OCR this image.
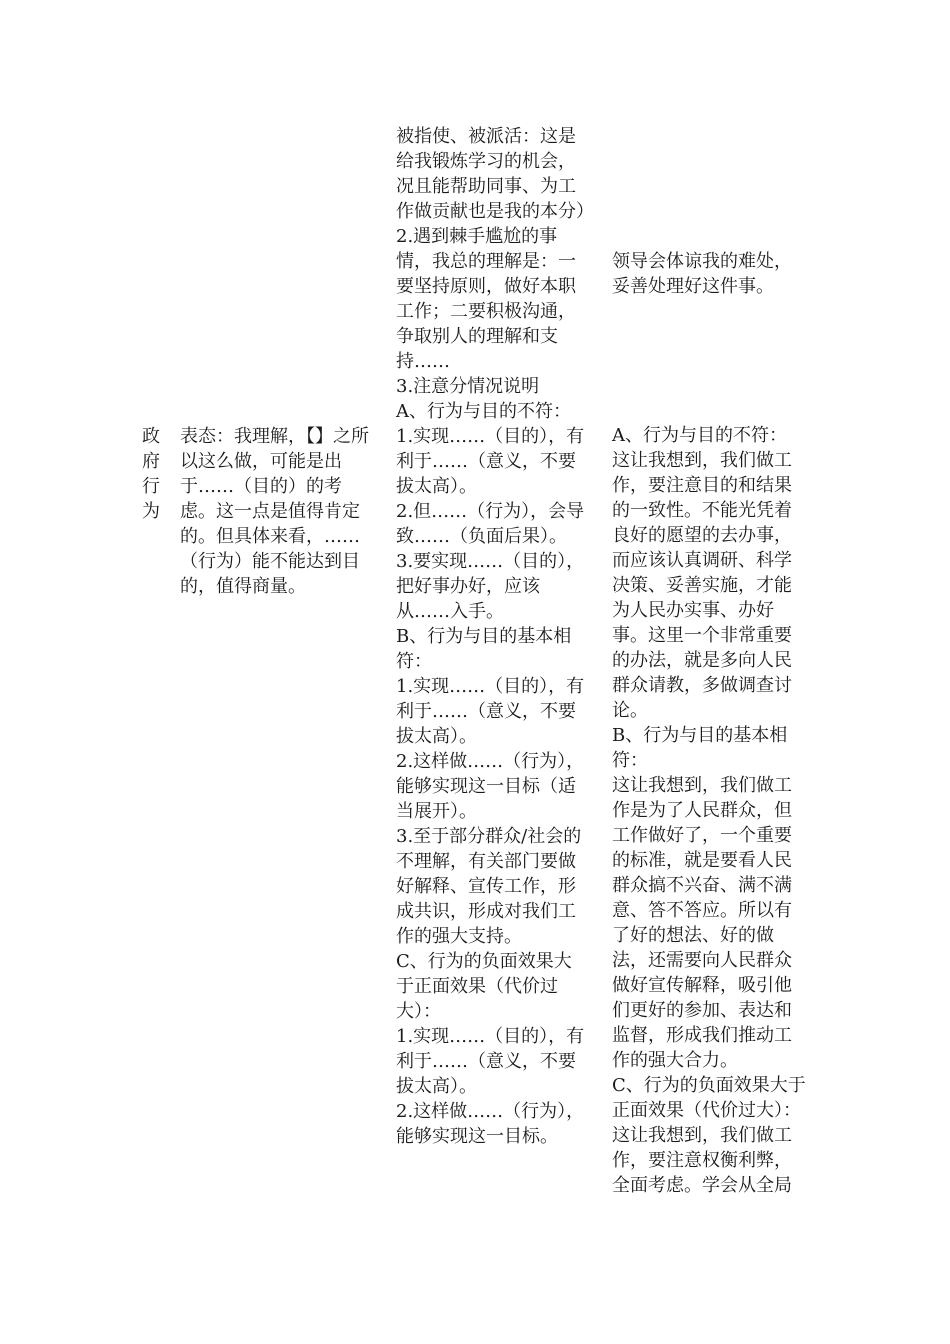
政府行为
表态：我理解，【】之所以这么做，可能是出于……（目的）的考虑。这一点是值得肯定的。但具体来看，……（行为）能不能达到目的，值得商量。
被指使、被派活：这是给我锻炼学习的机会，况且能帮助同事、为工作做贡献也是我的本分）
2.遇到棘手尴尬的事情，我总的理解是：一要坚持原则，做好本职工作；二要积极沟通，争取别人的理解和支持……
3.注意分情况说明
A、行为与目的不符：
1.实现……（目的），有利于……（意义，不要拔太高）。
2.但……（行为），会导致……（负面后果）。
3.要实现……（目的），把好事办好，应该从……入手。
B、行为与目的基本相符：
1.实现……（目的），有利于……（意义，不要拔太高）。
2.这样做……（行为），能够实现这一目标（适当展开）。
3.至于部分群众/社会的不理解，有关部门要做好解释、宣传工作，形成共识，形成对我们工作的强大支持。
C、行为的负面效果大于正面效果（代价过大）：
1.实现……（目的），有利于……（意义，不要拔太高）。
2.这样做……（行为），能够实现这一目标。
领导会体谅我的难处，妥善处理好这件事。
A、行为与目的不符：
这让我想到，我们做工作，要注意目的和结果的一致性。不能光凭着良好的愿望的去办事，而应该认真调研、科学决策、妥善实施，才能为人民办实事、办好事。这里一个非常重要的办法，就是多向人民群众请教，多做调查讨论。
B、行为与目的基本相符：
这让我想到，我们做工作是为了人民群众，但工作做好了，一个重要的标准，就是要看人民群众搞不兴奋、满不满意、答不答应。所以有了好的想法、好的做法，还需要向人民群众做好宣传解释，吸引他们更好的参加、表达和监督，形成我们推动工作的强大合力。
C、行为的负面效果大于正面效果（代价过大）：
这让我想到，我们做工作，要注意权衡利弊，全面考虑。学会从全局
